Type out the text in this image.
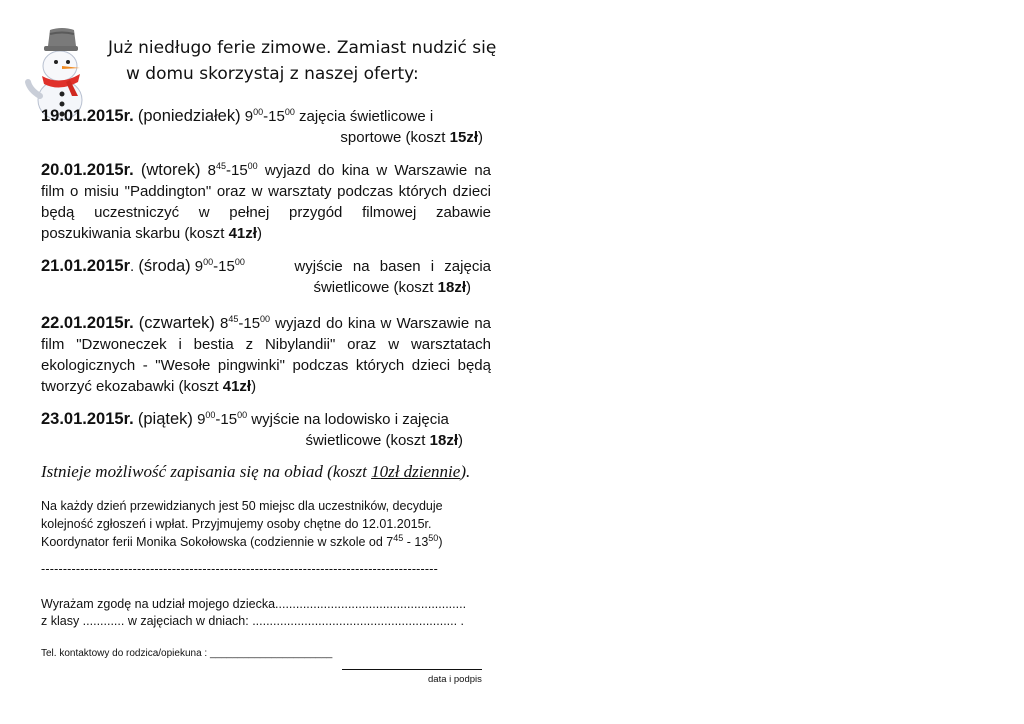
Już niedługo ferie zimowe. Zamiast nudzić się
w domu skorzystaj z naszej oferty:
19.01.2015r. (poniedziałek) $9^{00}-15^{00}$ zajęcia świetlicowe i
sportowe (koszt 15zł)
20.01.2015r. (wtorek) $8^{45}-15^{00}$ wyjazd do kina w Warszawie na film o misiu "Paddington" oraz w warsztaty podczas których dzieci będą uczestniczyć w pełnej przygód filmowej zabawie poszukiwania skarbu (koszt 41zł)
21.01.2015r. (środa) $9^{00}-15^{00}$	wyjście na basen i zajęcia
świetlicowe (koszt 18zł)
22.01.2015r. (czwartek) $8^{45}-15^{00}$ wyjazd do kina w Warszawie na film "Dzwoneczek i bestia z Nibylandii" oraz w warsztatach ekologicznych - "Wesołe pingwinki" podczas których dzieci będą tworzyć ekozabawki (koszt 41zł)
23.01.2015r. (piątek) $9^{00}-15^{00}$ wyjście na lodowisko i zajęcia
świetlicowe (koszt 18zł)
Istnieje możliwość zapisania się na obiad (koszt 10zł dziennie).
Na każdy dzień przewidzianych jest 50 miejsc dla uczestników, decyduje
kolejność zgłoszeń i wpłat. Przyjmujemy osoby chętne do 12.01.2015r.
Koordynator ferii Monika Sokołowska (codziennie w szkole od $7^{45} - 13^{50}$)
-------------------------------------------------------------------------------------------
Wyrażam zgodę na udział mojego dziecka.......................................................
z klasy ............ w zajęciach w dniach: ........................................................... .
Tel. kontaktowy do rodzica/opiekuna : ______________________
data i podpis
